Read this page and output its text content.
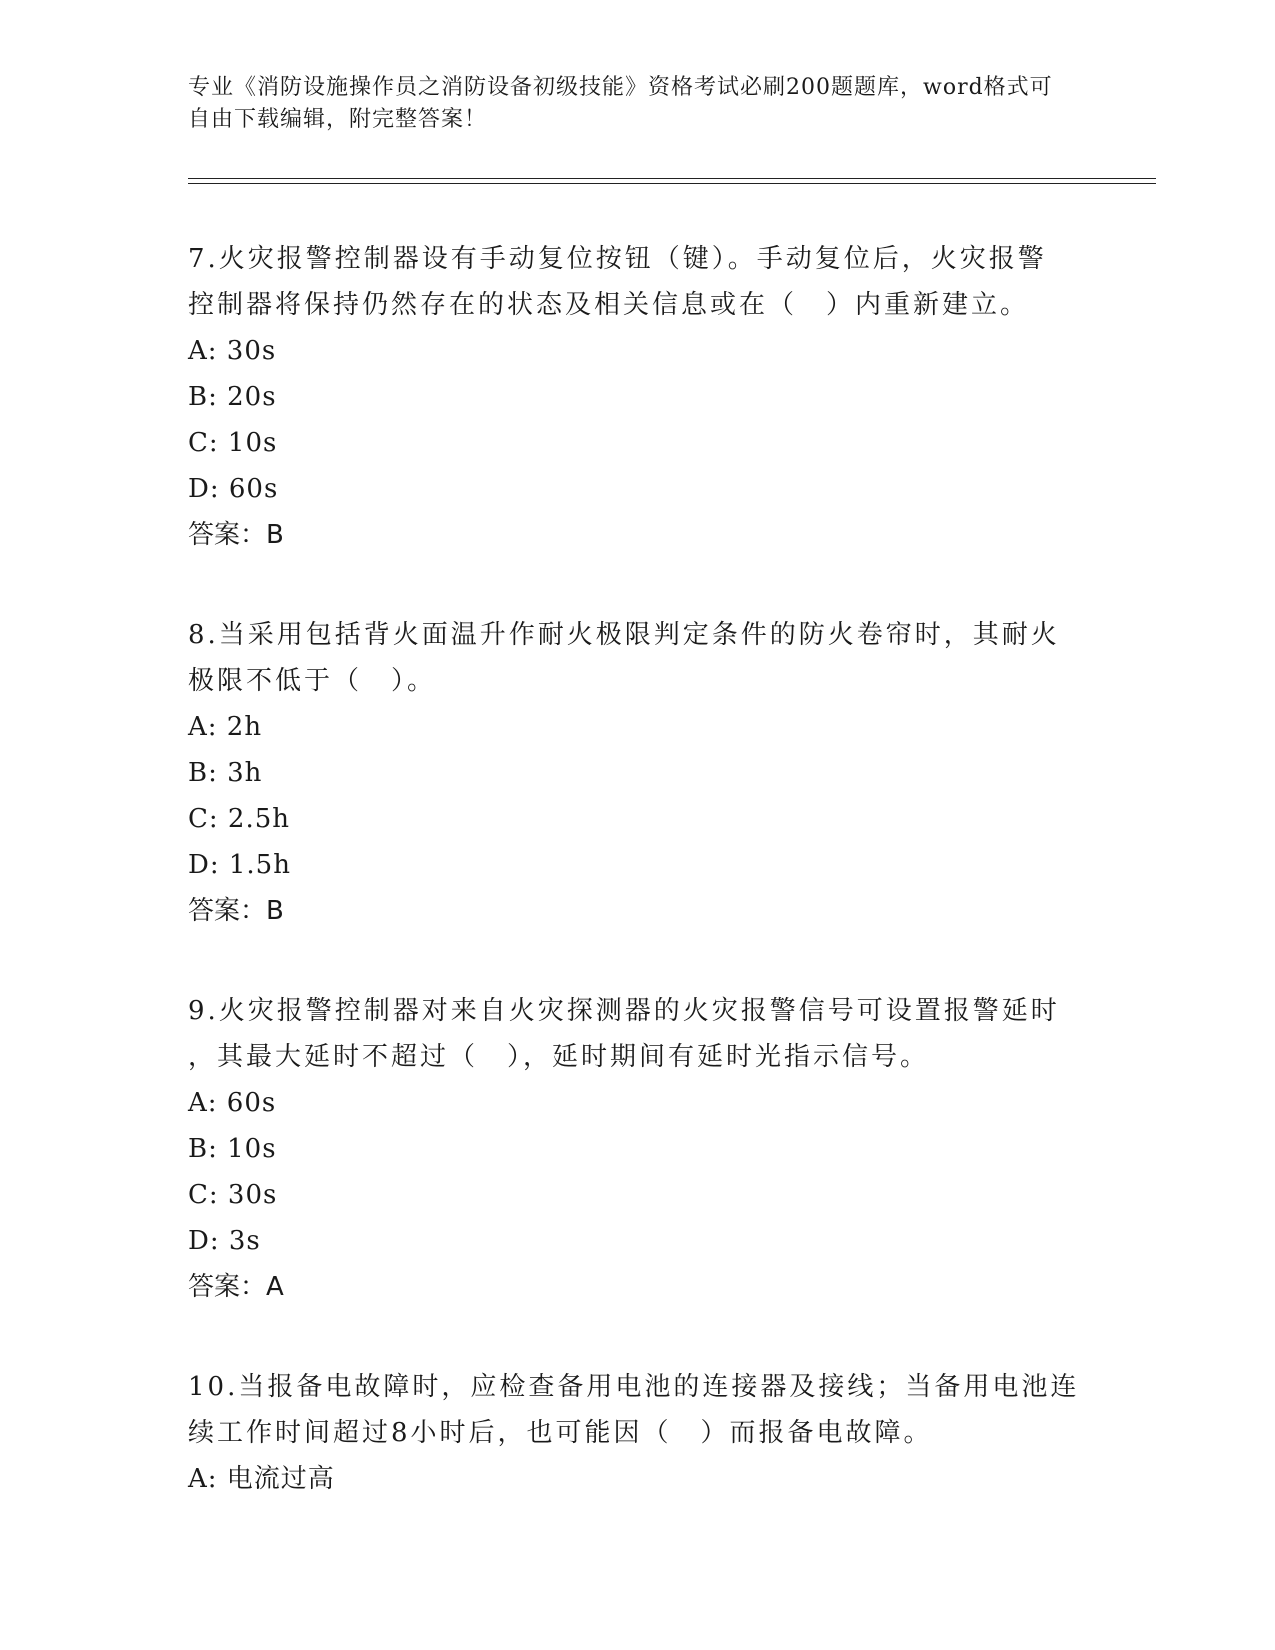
专业《消防设施操作员之消防设备初级技能》资格考试必刷200题题库，word格式可自由下载编辑，附完整答案！

7.火灾报警控制器设有手动复位按钮（键）。手动复位后，火灾报警
控制器将保持仍然存在的状态及相关信息或在（　）内重新建立。

A: 30s

B: 20s

C: 10s

D: 60s

答案：B

8.当采用包括背火面温升作耐火极限判定条件的防火卷帘时，其耐火
极限不低于（　）。

A: 2h

B: 3h

C: 2.5h

D: 1.5h

答案：B

9.火灾报警控制器对来自火灾探测器的火灾报警信号可设置报警延时
，其最大延时不超过（　），延时期间有延时光指示信号。

A: 60s

B: 10s

C: 30s

D: 3s

答案：A

10.当报备电故障时，应检查备用电池的连接器及接线；当备用电池连
续工作时间超过8小时后，也可能因（　）而报备电故障。

A: 电流过高
